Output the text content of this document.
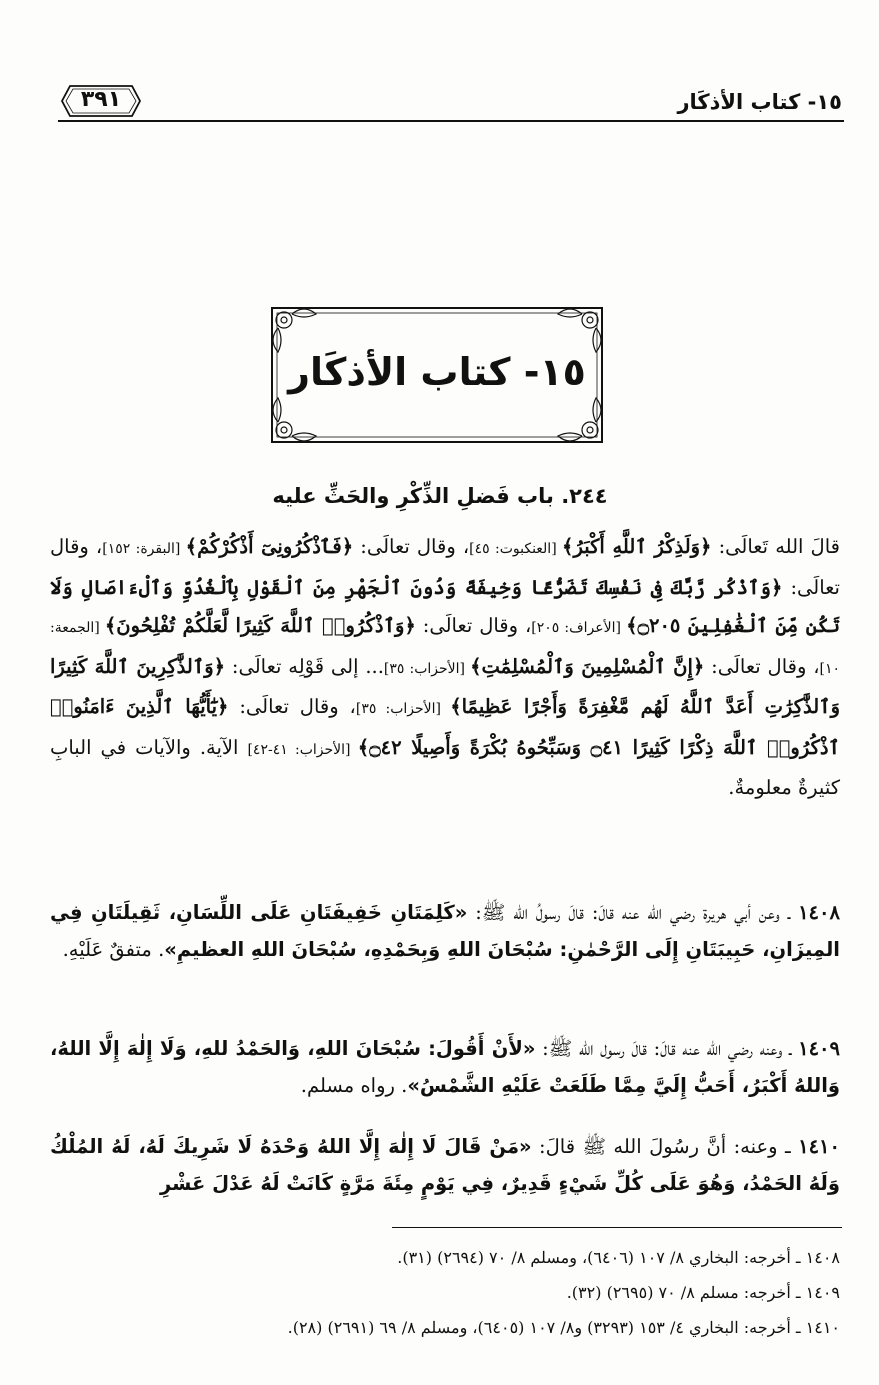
١٥- كتاب الأذكَار
٣٩١
١٥- كتاب الأذكَار
٢٤٤. باب فَضلِ الذِّكْرِ والحَثِّ عليه
قالَ الله تَعالَى: ﴿وَلَذِكْرُ ٱللَّهِ أَكْبَرُ﴾ [العنكبوت: ٤٥]، وقال تعالَى: ﴿فَٱذْكُرُونِىٓ أَذْكُرْكُمْ﴾ [البقرة: ١٥٢]، وقال تعالَى: ﴿وَٱذْكُر رَّبَّكَ فِى نَفْسِكَ تَضَرُّعًا وَخِيفَةً وَدُونَ ٱلْجَهْرِ مِنَ ٱلْقَوْلِ بِٱلْغُدُوِّ وَٱلْءَاصَالِ وَلَا تَكُن مِّنَ ٱلْغَٰفِلِينَ ۝٢٠٥﴾ [الأعراف: ٢٠٥]، وقال تعالَى: ﴿وَٱذْكُرُوا۟ ٱللَّهَ كَثِيرًا لَّعَلَّكُمْ تُفْلِحُونَ﴾ [الجمعة: ١٠]، وقال تعالَى: ﴿إِنَّ ٱلْمُسْلِمِينَ وَٱلْمُسْلِمَٰتِ﴾ [الأحزاب: ٣٥]... إلى قَوْلِه تعالَى: ﴿وَٱلذَّٰكِرِينَ ٱللَّهَ كَثِيرًا وَٱلذَّٰكِرَٰتِ أَعَدَّ ٱللَّهُ لَهُم مَّغْفِرَةً وَأَجْرًا عَظِيمًا﴾ [الأحزاب: ٣٥]، وقال تعالَى: ﴿يَٰٓأَيُّهَا ٱلَّذِينَ ءَامَنُوا۟ ٱذْكُرُوا۟ ٱللَّهَ ذِكْرًا كَثِيرًا ۝٤١ وَسَبِّحُوهُ بُكْرَةً وَأَصِيلًا ۝٤٢﴾ [الأحزاب: ٤١-٤٢] الآية. والآيات في البابِ كثيرةٌ معلومةٌ.
١٤٠٨ ـ وعن أبي هريرة رضي الله عنه قالَ: قالَ رسولُ الله ﷺ: «كَلِمَتَانِ خَفِيفَتَانِ عَلَى اللِّسَانِ، ثَقِيلَتَانِ فِي المِيزَانِ، حَبِيبَتَانِ إِلَى الرَّحْمٰنِ: سُبْحَانَ اللهِ وَبِحَمْدِهِ، سُبْحَانَ اللهِ العظيمِ». متفقٌ عَلَيْهِ.
١٤٠٩ ـ وعنه رضي الله عنه قالَ: قالَ رسول الله ﷺ: «لأَنْ أَقُولَ: سُبْحَانَ اللهِ، وَالحَمْدُ للهِ، وَلَا إِلٰهَ إِلَّا اللهُ، وَاللهُ أَكْبَرُ، أَحَبُّ إِلَيَّ مِمَّا طَلَعَتْ عَلَيْهِ الشَّمْسُ». رواه مسلم.
١٤١٠ ـ وعنه: أنَّ رسُولَ الله ﷺ قالَ: «مَنْ قَالَ لَا إِلٰهَ إِلَّا اللهُ وَحْدَهُ لَا شَرِيكَ لَهُ، لَهُ المُلْكُ وَلَهُ الحَمْدُ، وَهُوَ عَلَى كُلِّ شَيْءٍ قَدِيرٌ، فِي يَوْمٍ مِئَةَ مَرَّةٍ كَانَتْ لَهُ عَدْلَ عَشْرِ
١٤٠٨ ـ أخرجه: البخاري ٨/ ١٠٧ (٦٤٠٦)، ومسلم ٨/ ٧٠ (٢٦٩٤) (٣١).
١٤٠٩ ـ أخرجه: مسلم ٨/ ٧٠ (٢٦٩٥) (٣٢).
١٤١٠ ـ أخرجه: البخاري ٤/ ١٥٣ (٣٢٩٣) و٨/ ١٠٧ (٦٤٠٥)، ومسلم ٨/ ٦٩ (٢٦٩١) (٢٨).
